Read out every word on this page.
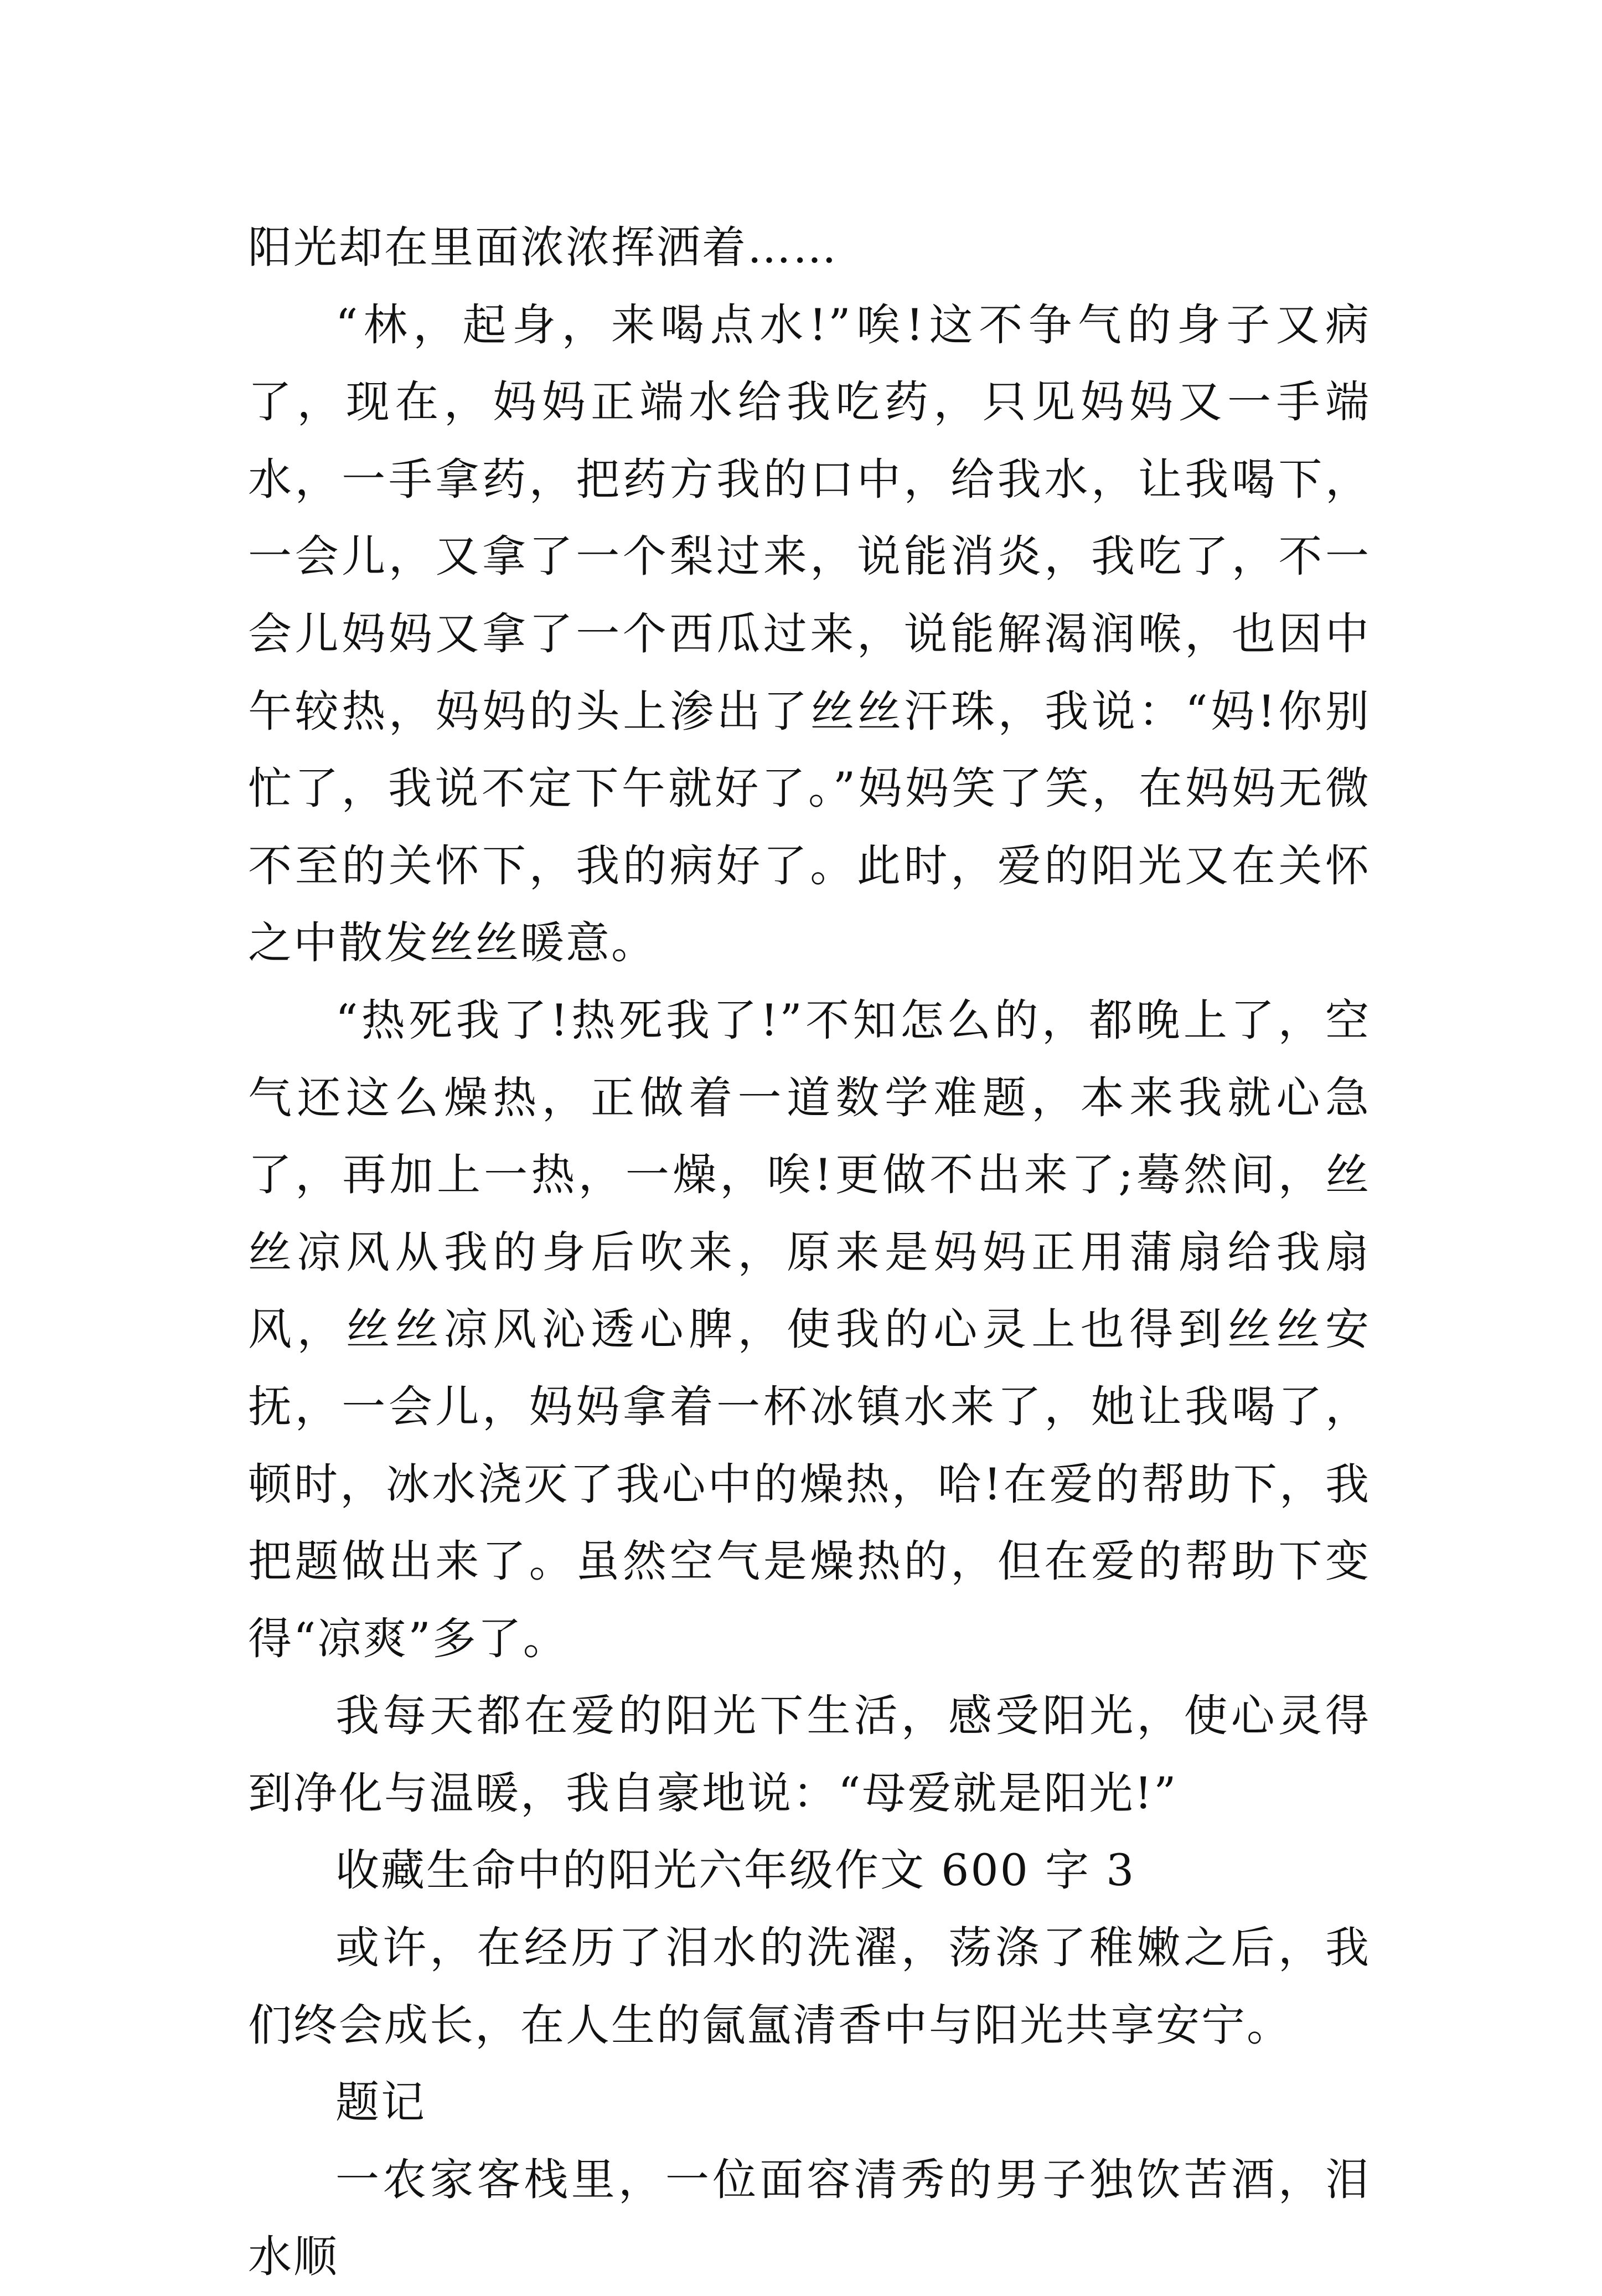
阳光却在里面浓浓挥洒着……

“林，起身，来喝点水!”唉!这不争气的身子又病了，现在，妈妈正端水给我吃药，只见妈妈又一手端水，一手拿药，把药方我的口中，给我水，让我喝下，一会儿，又拿了一个梨过来，说能消炎，我吃了，不一会儿妈妈又拿了一个西瓜过来，说能解渴润喉，也因中午较热，妈妈的头上渗出了丝丝汗珠，我说：“妈!你别忙了，我说不定下午就好了。”妈妈笑了笑，在妈妈无微不至的关怀下，我的病好了。此时，爱的阳光又在关怀之中散发丝丝暖意。

“热死我了!热死我了!”不知怎么的，都晚上了，空气还这么燥热，正做着一道数学难题，本来我就心急了，再加上一热，一燥，唉!更做不出来了;蓦然间，丝丝凉风从我的身后吹来，原来是妈妈正用蒲扇给我扇风，丝丝凉风沁透心脾，使我的心灵上也得到丝丝安抚，一会儿，妈妈拿着一杯冰镇水来了，她让我喝了，顿时，冰水浇灭了我心中的燥热，哈!在爱的帮助下，我把题做出来了。虽然空气是燥热的，但在爱的帮助下变得“凉爽”多了。

我每天都在爱的阳光下生活，感受阳光，使心灵得到净化与温暖，我自豪地说：“母爱就是阳光!”

收藏生命中的阳光六年级作文 600 字 3

或许，在经历了泪水的洗濯，荡涤了稚嫩之后，我们终会成长，在人生的氤氲清香中与阳光共享安宁。

题记

一农家客栈里，一位面容清秀的男子独饮苦酒，泪水顺
